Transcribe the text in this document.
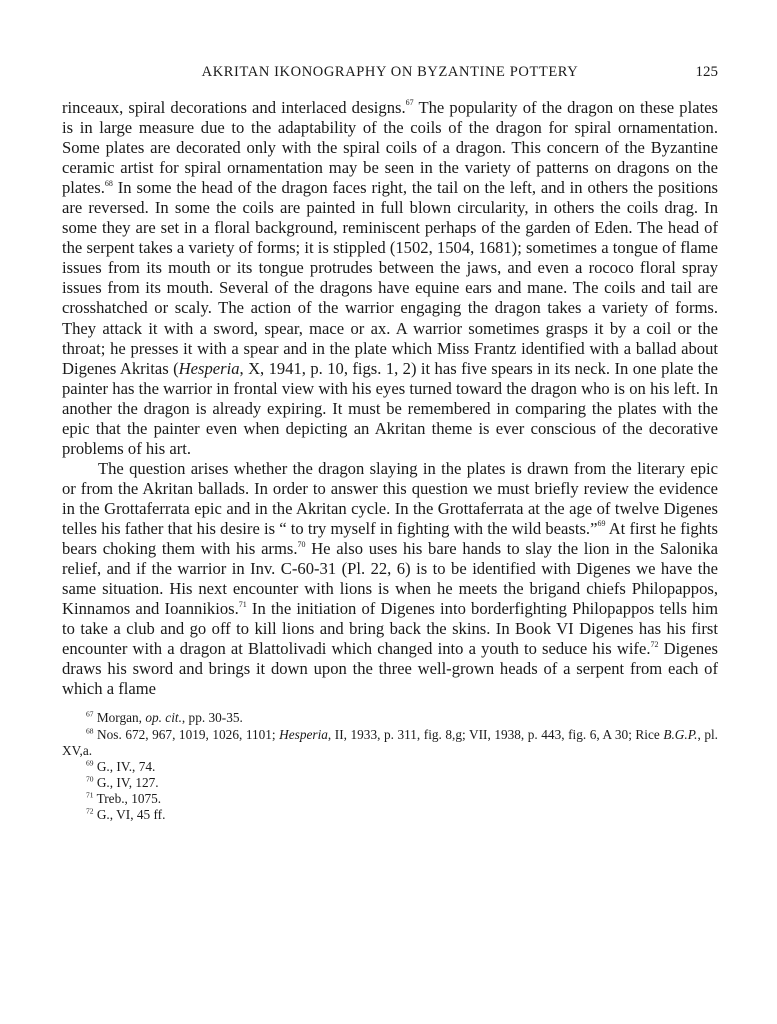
AKRITAN IKONOGRAPHY ON BYZANTINE POTTERY	125

rinceaux, spiral decorations and interlaced designs.$^{67}$ The popularity of the dragon on these plates is in large measure due to the adaptability of the coils of the dragon for spiral ornamentation. Some plates are decorated only with the spiral coils of a dragon. This concern of the Byzantine ceramic artist for spiral ornamentation may be seen in the variety of patterns on dragons on the plates.$^{68}$ In some the head of the dragon faces right, the tail on the left, and in others the positions are reversed. In some the coils are painted in full blown circularity, in others the coils drag. In some they are set in a floral background, reminiscent perhaps of the garden of Eden. The head of the serpent takes a variety of forms; it is stippled (1502, 1504, 1681); sometimes a tongue of flame issues from its mouth or its tongue protrudes between the jaws, and even a rococo floral spray issues from its mouth. Several of the dragons have equine ears and mane. The coils and tail are crosshatched or scaly. The action of the warrior engaging the dragon takes a variety of forms. They attack it with a sword, spear, mace or ax. A warrior sometimes grasps it by a coil or the throat; he presses it with a spear and in the plate which Miss Frantz identified with a ballad about Digenes Akritas (Hesperia, X, 1941, p. 10, figs. 1, 2) it has five spears in its neck. In one plate the painter has the warrior in frontal view with his eyes turned toward the dragon who is on his left. In another the dragon is already expiring. It must be remembered in comparing the plates with the epic that the painter even when depicting an Akritan theme is ever conscious of the decorative problems of his art.

The question arises whether the dragon slaying in the plates is drawn from the literary epic or from the Akritan ballads. In order to answer this question we must briefly review the evidence in the Grottaferrata epic and in the Akritan cycle. In the Grottaferrata at the age of twelve Digenes telles his father that his desire is “ to try myself in fighting with the wild beasts.”$^{69}$ At first he fights bears choking them with his arms.$^{70}$ He also uses his bare hands to slay the lion in the Salonika relief, and if the warrior in Inv. C-60-31 (Pl. 22, 6) is to be identified with Digenes we have the same situation. His next encounter with lions is when he meets the brigand chiefs Philopappos, Kinnamos and Ioannikios.$^{71}$ In the initiation of Digenes into borderfighting Philopappos tells him to take a club and go off to kill lions and bring back the skins. In Book VI Digenes has his first encounter with a dragon at Blattolivadi which changed into a youth to seduce his wife.$^{72}$ Digenes draws his sword and brings it down upon the three well-grown heads of a serpent from each of which a flame

$^{67}$ Morgan, op. cit., pp. 30-35.

$^{68}$ Nos. 672, 967, 1019, 1026, 1101; Hesperia, II, 1933, p. 311, fig. 8,g; VII, 1938, p. 443, fig. 6, A 30; Rice B.G.P., pl. XV,a.

$^{69}$ G., IV., 74.

$^{70}$ G., IV, 127.

$^{71}$ Treb., 1075.

$^{72}$ G., VI, 45 ff.
